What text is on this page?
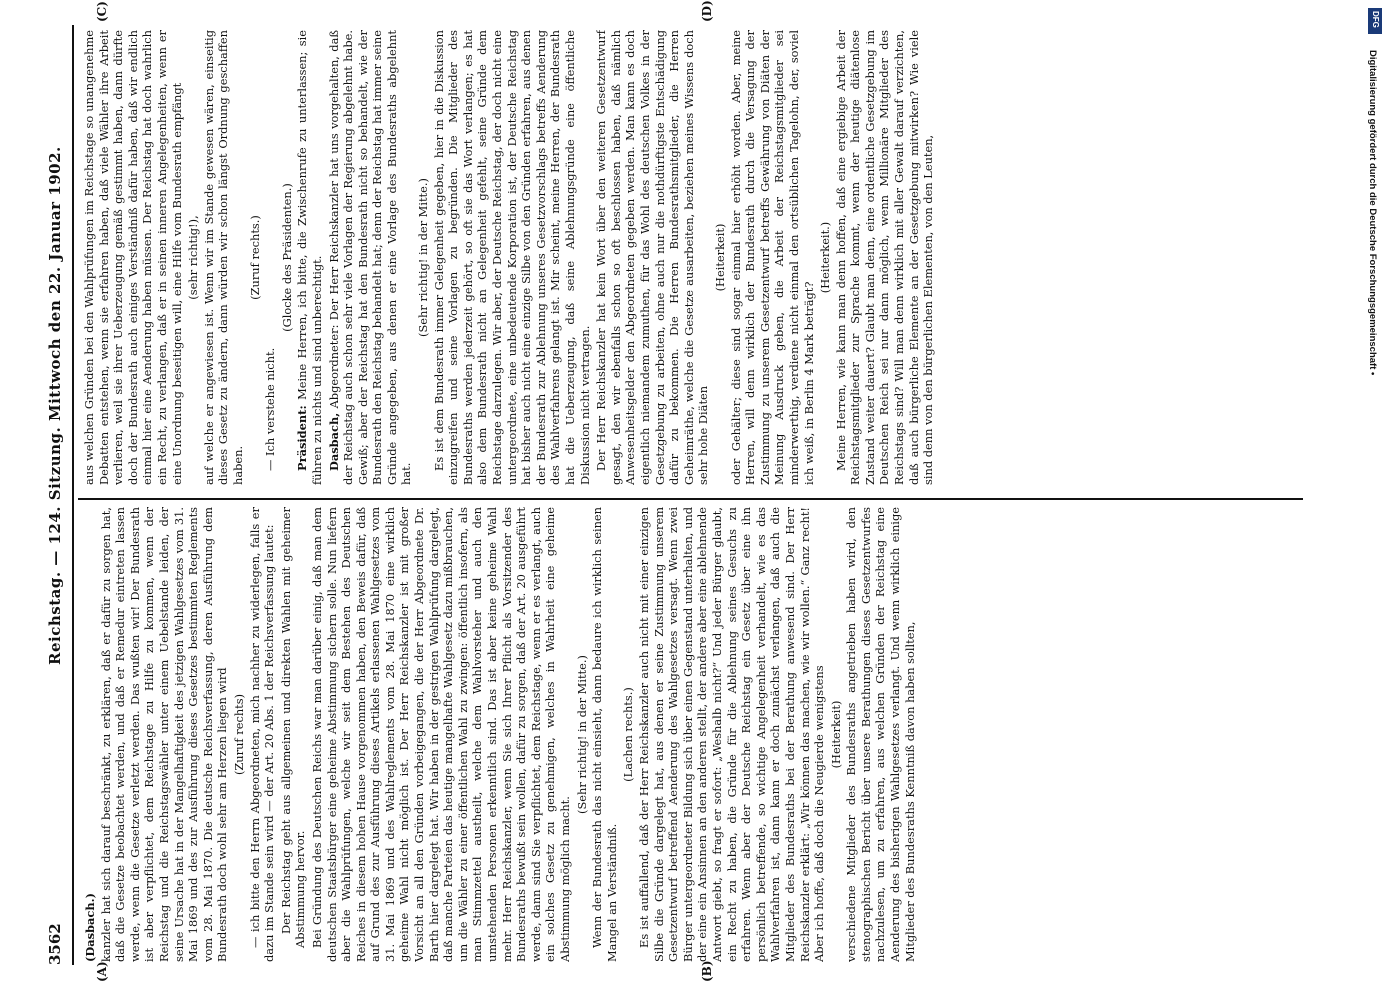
3562
Reichstag. — 124. Sitzung. Mittwoch den 22. Januar 1902.
(A)	(B)
(C)	(D)

(Dasbach.) kanzler hat sich darauf beschränkt, zu erklären, daß er dafür zu sorgen hat, daß die Gesetze beobachtet werden, und daß er Remedur eintreten lassen werde, wenn die Gesetze verletzt werden. Das wußten wir! Der Bundesrath ist aber verpflichtet, dem Reichstage zu Hilfe zu kommen, wenn der Reichstag und die Reichstagswähler unter einem Uebelstande leiden, der seine Ursache hat in der Mangelhaftigkeit des jetzigen Wahlgesetzes vom 31. Mai 1869 und des zur Ausführung dieses Gesetzes bestimmten Reglements vom 28. Mai 1870. Die deutsche Reichsverfassung, deren Ausführung dem Bundesrath doch wohl sehr am Herzen liegen wird (Zuruf rechts) — ich bitte den Herrn Abgeordneten, mich nachher zu widerlegen, falls er dazu im Stande sein wird — der Art. 20 Abs. 1 der Reichsverfassung lautet: Der Reichstag geht aus allgemeinen und direkten Wahlen mit geheimer Abstimmung hervor. Bei Gründung des Deutschen Reichs war man darüber einig, daß man dem deutschen Staatsbürger eine geheime Abstimmung sichern solle. Nun liefern aber die Wahlprüfungen, welche wir seit dem Bestehen des Deutschen Reiches in diesem hohen Hause vorgenommen haben, den Beweis dafür, daß auf Grund des zur Ausführung dieses Artikels erlassenen Wahlgesetzes vom 31. Mai 1869 und des Wahlreglements vom 28. Mai 1870 eine wirklich geheime Wahl nicht möglich ist. Der Herr Reichskanzler ist mit großer Vorsicht an all den Gründen vorbeigegangen, die der Herr Abgeordnete Dr. Barth hier dargelegt hat. Wir haben in der gestrigen Wahlprüfung dargelegt, daß manche Parteien das heutige mangelhafte Wahlgesetz dazu mißbrauchen, um die Wähler zu einer öffentlichen Wahl zu zwingen: öffentlich insofern, als man Stimmzettel austheilt, welche dem Wahlvorsteher und auch den umstehenden Personen erkenntlich sind. Das ist aber keine geheime Wahl mehr. Herr Reichskanzler, wenn Sie sich Ihrer Pflicht als Vorsitzender des Bundesraths bewußt sein wollen, dafür zu sorgen, daß der Art. 20 ausgeführt werde, dann sind Sie verpflichtet, dem Reichstage, wenn er es verlangt, auch ein solches Gesetz zu genehmigen, welches in Wahrheit eine geheime Abstimmung möglich macht.

(Sehr richtig! in der Mitte.) Wenn der Bundesrath das nicht einsieht, dann bedaure ich wirklich seinen Mangel an Verständniß.

(Lachen rechts.) Es ist auffallend, daß der Herr Reichskanzler auch nicht mit einer einzigen Silbe die Gründe dargelegt hat, aus denen er seine Zustimmung unserem Gesetzentwurf betreffend Aenderung des Wahlgesetzes versagt. Wenn zwei Bürger untergeordneter Bildung sich über einen Gegenstand unterhalten, und der eine ein Ansinnen an den anderen stellt, der andere aber eine ablehnende Antwort giebt, so fragt er sofort: „Weshalb nicht?“ Und jeder Bürger glaubt, ein Recht zu haben, die Gründe für die Ablehnung seines Gesuchs zu erfahren. Wenn aber der Deutsche Reichstag ein Gesetz über eine ihn persönlich betreffende, so wichtige Angelegenheit verhandelt, wie es das Wahlverfahren ist, dann kann er doch zunächst verlangen, daß auch die Mitglieder des Bundesraths bei der Berathung anwesend sind. Der Herr Reichskanzler erklärt: „Wir können das machen, wie wir wollen.“ Ganz recht! Aber ich hoffe, daß doch die Neugierde wenigstens (Heiterkeit) verschiedene Mitglieder des Bundesraths angetrieben haben wird, den stenographischen Bericht über unsere Berathungen dieses Gesetzentwurfes nachzulesen, um zu erfahren, aus welchen Gründen der Reichstag eine Aenderung des bisherigen Wahlgesetzes verlangt. Und wenn wirklich einige Mitglieder des Bundesraths Kenntniß davon haben sollten,

aus welchen Gründen bei den Wahlprüfungen im Reichstage so unangenehme Debatten entstehen, wenn sie erfahren haben, daß viele Wähler ihre Arbeit verlieren, weil sie ihrer Ueberzeugung gemäß gestimmt haben, dann dürfte doch der Bundesrath auch einiges Verständniß dafür haben, daß wir endlich einmal hier eine Aenderung haben müssen. Der Reichstag hat doch wahrlich ein Recht, zu verlangen, daß er in seinen inneren Angelegenheiten, wenn er eine Unordnung beseitigen will, eine Hilfe vom Bundesrath empfängt (sehr richtig!), auf welche er angewiesen ist. Wenn wir im Stande gewesen wären, einseitig dieses Gesetz zu ändern, dann würden wir schon längst Ordnung geschaffen haben.

(Zuruf rechts.)

— Ich verstehe nicht.

(Glocke des Präsidenten.)

Präsident: Meine Herren, ich bitte, die Zwischenrufe zu unterlassen; sie führen zu nichts und sind unberechtigt. Dasbach, Abgeordneter: Der Herr Reichskanzler hat uns vorgehalten, daß der Reichstag auch schon sehr viele Vorlagen der Regierung abgelehnt habe. Gewiß; aber der Reichstag hat den Bundesrath nicht so behandelt, wie der Bundesrath den Reichstag behandelt hat; denn der Reichstag hat immer seine Gründe angegeben, aus denen er eine Vorlage des Bundesraths abgelehnt hat.

(Sehr richtig! in der Mitte.) Es ist dem Bundesrath immer Gelegenheit gegeben, hier in die Diskussion einzugreifen und seine Vorlagen zu begründen. Die Mitglieder des Bundesraths werden jederzeit gehört, so oft sie das Wort verlangen; es hat also dem Bundesrath nicht an Gelegenheit gefehlt, seine Gründe dem Reichstage darzulegen. Wir aber, der Deutsche Reichstag, der doch nicht eine untergeordnete, eine unbedeutende Korporation ist, der Deutsche Reichstag hat bisher auch nicht eine einzige Silbe von den Gründen erfahren, aus denen der Bundesrath zur Ablehnung unseres Gesetzvorschlags betreffs Aenderung des Wahlverfahrens gelangt ist. Mir scheint, meine Herren, der Bundesrath hat die Ueberzeugung, daß seine Ablehnungsgründe eine öffentliche Diskussion nicht vertragen. Der Herr Reichskanzler hat kein Wort über den weiteren Gesetzentwurf gesagt, den wir ebenfalls schon so oft beschlossen haben, daß nämlich Anwesenheitsgelder den Abgeordneten gegeben werden. Man kann es doch eigentlich niemandem zumuthen, für das Wohl des deutschen Volkes in der Gesetzgebung zu arbeiten, ohne auch nur die nothdürftigste Entschädigung dafür zu bekommen. Die Herren Bundesrathsmitglieder, die Herren Geheimräthe, welche die Gesetze ausarbeiten, beziehen meines Wissens doch sehr hohe Diäten

(Heiterkeit) oder Gehälter; diese sind sogar einmal hier erhöht worden. Aber, meine Herren, will denn wirklich der Bundesrath durch die Versagung der Zustimmung zu unserem Gesetzentwurf betreffs Gewährung von Diäten der Meinung Ausdruck geben, die Arbeit der Reichstagsmitglieder sei minderwerthig, verdiene nicht einmal den ortsüblichen Tagelohn, der, soviel ich weiß, in Berlin 4 Mark beträgt?

(Heiterkeit.) Meine Herren, wie kann man denn hoffen, daß eine ergiebige Arbeit der Reichstagsmitglieder zur Sprache kommt, wenn der heutige diätenlose Zustand weiter dauert? Glaubt man denn, eine ordentliche Gesetzgebung im Deutschen Reich sei nur dann möglich, wenn Millionäre Mitglieder des Reichstags sind? Will man denn wirklich mit aller Gewalt darauf verzichten, daß auch bürgerliche Elemente an der Gesetzgebung mitwirken? Wie viele sind denn von den bürgerlichen Elementen, von den Leuten,

DFG
Digitalisierung gefördert durch die Deutsche Forschungsgemeinschaft •
